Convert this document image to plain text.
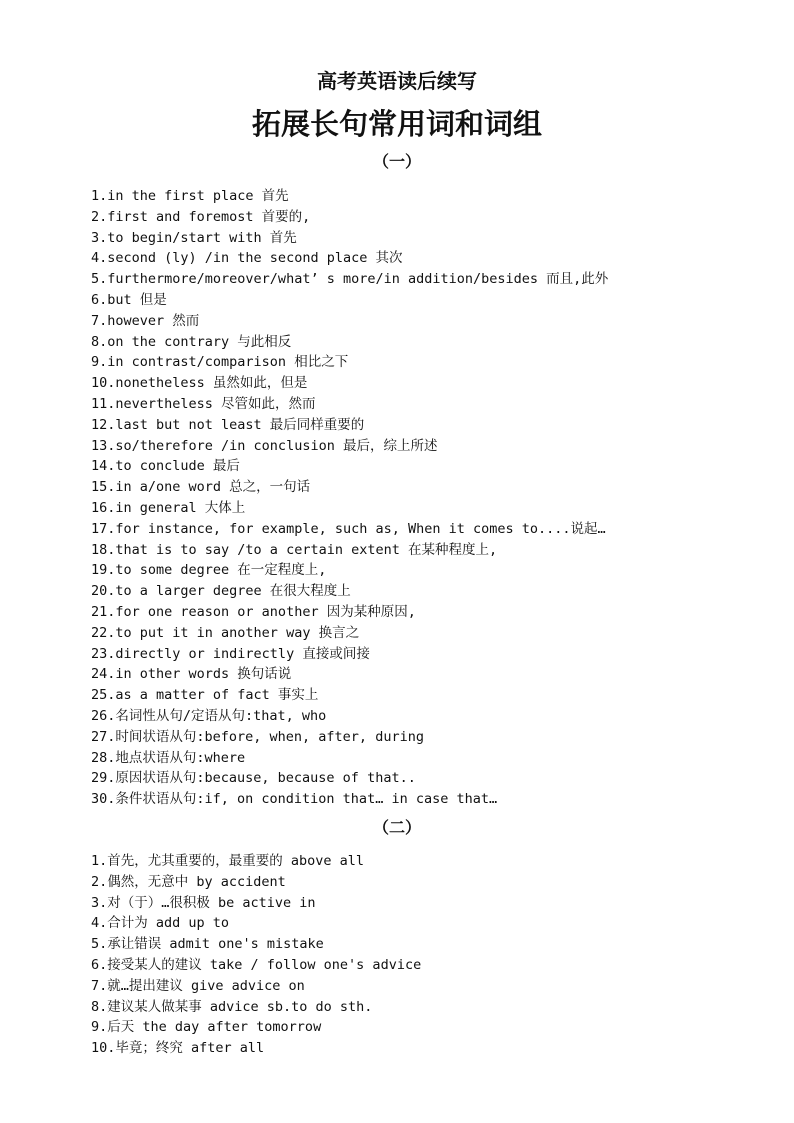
高考英语读后续写
拓展长句常用词和词组
（一）
1.in the first place 首先
2.first and foremost 首要的,
3.to begin/start with 首先
4.second (ly) /in the second place 其次
5.furthermore/moreover/what’ s more/in addition/besides 而且,此外
6.but 但是
7.however 然而
8.on the contrary 与此相反
9.in contrast/comparison 相比之下
10.nonetheless 虽然如此，但是
11.nevertheless 尽管如此，然而
12.last but not least 最后同样重要的
13.so/therefore /in conclusion 最后，综上所述
14.to conclude 最后
15.in a/one word 总之，一句话
16.in general 大体上
17.for instance, for example, such as, When it comes to....说起…
18.that is to say /to a certain extent 在某种程度上,
19.to some degree 在一定程度上,
20.to a larger degree 在很大程度上
21.for one reason or another 因为某种原因,
22.to put it in another way 换言之
23.directly or indirectly 直接或间接
24.in other words 换句话说
25.as a matter of fact 事实上
26.名词性从句/定语从句:that, who
27.时间状语从句:before, when, after, during
28.地点状语从句:where
29.原因状语从句:because, because of that..
30.条件状语从句:if, on condition that… in case that…
（二）
1.首先，尤其重要的，最重要的 above all
2.偶然，无意中 by accident
3.对（于）…很积极 be active in
4.合计为 add up to
5.承让错误 admit one's mistake
6.接受某人的建议 take / follow one's advice
7.就…提出建议 give advice on
8.建议某人做某事 advice sb.to do sth.
9.后天 the day after tomorrow
10.毕竟；终究 after all
